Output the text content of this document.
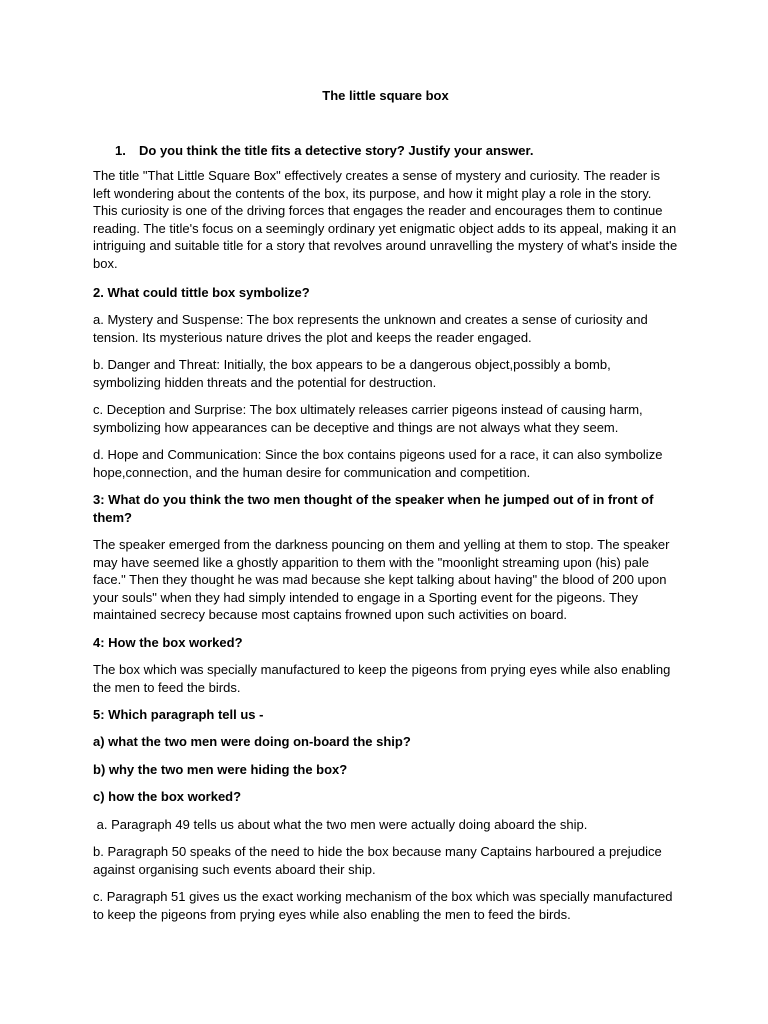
The little square box
1. Do you think the title fits a detective story? Justify your answer.

The title "That Little Square Box" effectively creates a sense of mystery and curiosity. The reader is left wondering about the contents of the box, its purpose, and how it might play a role in the story. This curiosity is one of the driving forces that engages the reader and encourages them to continue reading. The title's focus on a seemingly ordinary yet enigmatic object adds to its appeal, making it an intriguing and suitable title for a story that revolves around unravelling the mystery of what's inside the box.

2. What could tittle box symbolize?

a. Mystery and Suspense: The box represents the unknown and creates a sense of curiosity and tension. Its mysterious nature drives the plot and keeps the reader engaged.

b. Danger and Threat: Initially, the box appears to be a dangerous object,possibly a bomb, symbolizing hidden threats and the potential for destruction.

c. Deception and Surprise: The box ultimately releases carrier pigeons instead of causing harm, symbolizing how appearances can be deceptive and things are not always what they seem.

d. Hope and Communication: Since the box contains pigeons used for a race, it can also symbolize hope,connection, and the human desire for communication and competition.

3: What do you think the two men thought of the speaker when he jumped out of in front of them?

The speaker emerged from the darkness pouncing on them and yelling at them to stop. The speaker may have seemed like a ghostly apparition to them with the "moonlight streaming upon (his) pale face." Then they thought he was mad because she kept talking about having" the blood of 200 upon your souls" when they had simply intended to engage in a Sporting event for the pigeons. They maintained secrecy because most captains frowned upon such activities on board.

4: How the box worked?

The box which was specially manufactured to keep the pigeons from prying eyes while also enabling the men to feed the birds.

5: Which paragraph tell us -

a) what the two men were doing on-board the ship?

b) why the two men were hiding the box?

c) how the box worked?

a. Paragraph 49 tells us about what the two men were actually doing aboard the ship.

b. Paragraph 50 speaks of the need to hide the box because many Captains harboured a prejudice against organising such events aboard their ship.

c. Paragraph 51 gives us the exact working mechanism of the box which was specially manufactured to keep the pigeons from prying eyes while also enabling the men to feed the birds.
